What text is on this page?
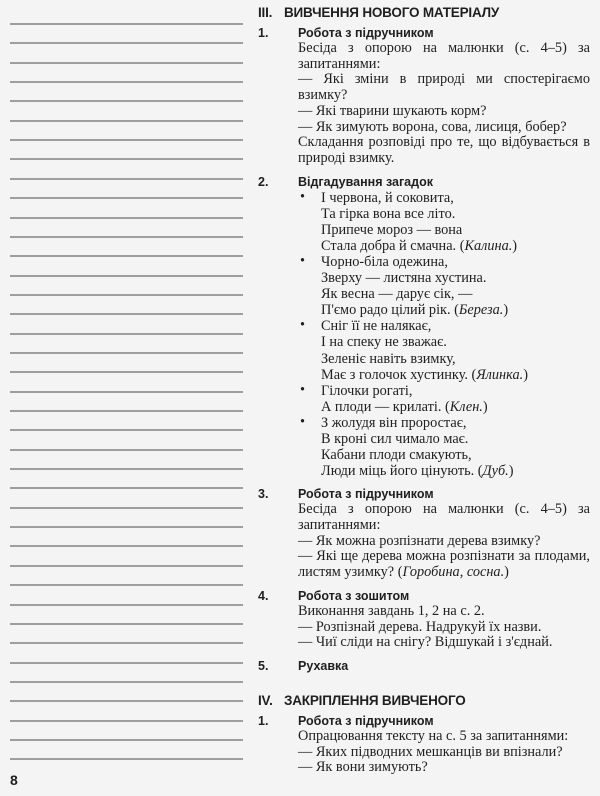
8
III. ВИВЧЕННЯ НОВОГО МАТЕРІАЛУ
1. Робота з підручником

Бесіда з опорою на малюнки (с. 4–5) за запитаннями:

— Які зміни в природі ми спостерігаємо взимку?

— Які тварини шукають корм?

— Як зимують ворона, сова, лисиця, бобер?

Складання розповіді про те, що відбувається в природі взимку.

2. Відгадування загадок
• І червона, й соковита,
Та гірка вона все літо.
Припече мороз — вона
Стала добра й смачна. (Калина.)
• Чорно-біла одежина,
Зверху — листяна хустина.
Як весна — дарує сік, —
П'ємо радо цілий рік. (Береза.)
• Сніг її не налякає,
І на спеку не зважає.
Зеленіє навіть взимку,
Має з голочок хустинку. (Ялинка.)
• Гілочки рогаті,
А плоди — крилаті. (Клен.)
• З жолудя він проростає,
В кроні сил чимало має.
Кабани плоди смакують,
Люди міць його цінують. (Дуб.)
3. Робота з підручником

Бесіда з опорою на малюнки (с. 4–5) за запитаннями:

— Як можна розпізнати дерева взимку?

— Які ще дерева можна розпізнати за плодами, листям узимку? (Горобина, сосна.)

4. Робота з зошитом

Виконання завдань 1, 2 на с. 2.

— Розпізнай дерева. Надрукуй їх назви.

— Чиї сліди на снігу? Відшукай і з'єднай.

5. Рухавка
IV. ЗАКРІПЛЕННЯ ВИВЧЕНОГО
1. Робота з підручником

Опрацювання тексту на с. 5 за запитаннями:

— Яких підводних мешканців ви впізнали?

— Як вони зимують?
